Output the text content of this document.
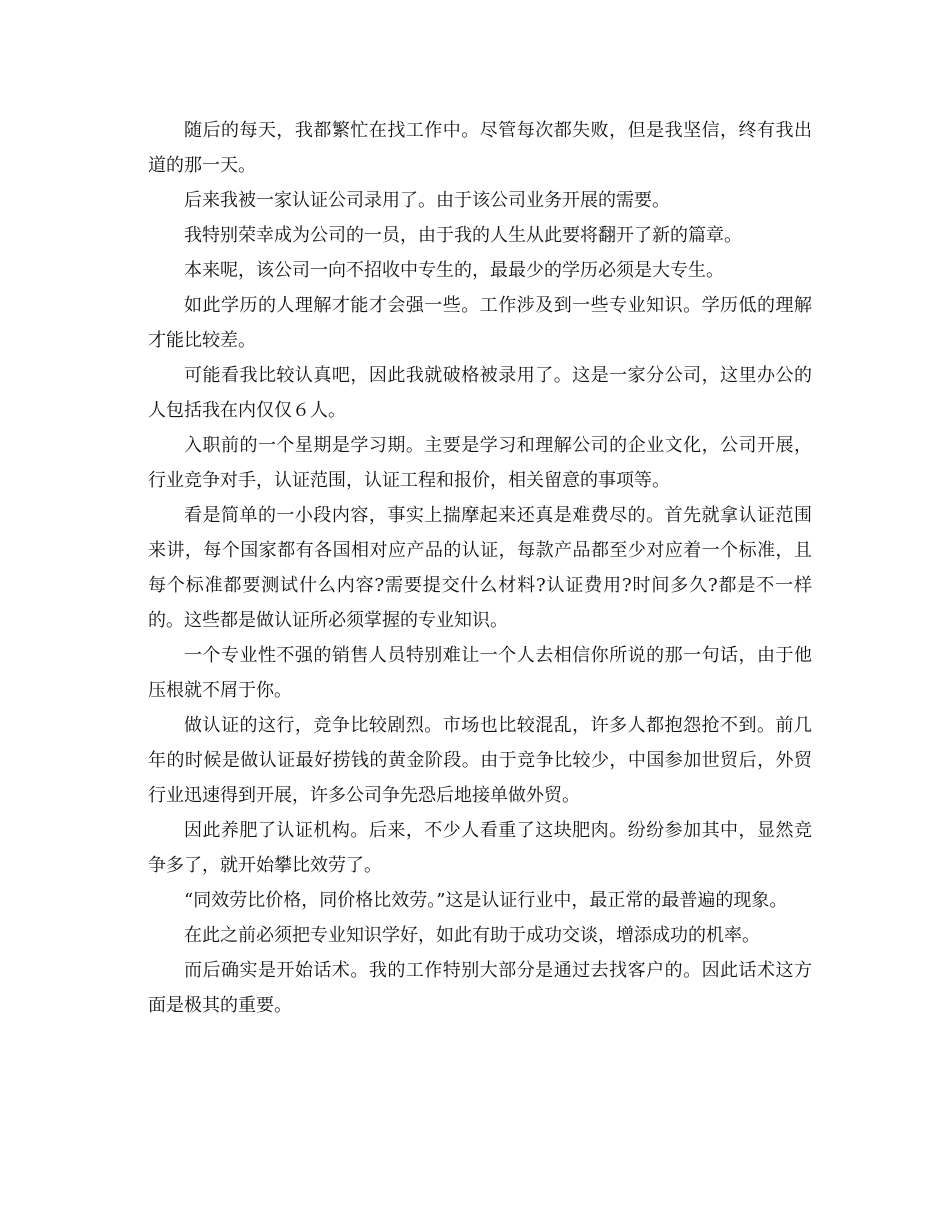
随后的每天，我都繁忙在找工作中。尽管每次都失败，但是我坚信，终有我出道的那一天。

后来我被一家认证公司录用了。由于该公司业务开展的需要。

我特别荣幸成为公司的一员，由于我的人生从此要将翻开了新的篇章。

本来呢，该公司一向不招收中专生的，最最少的学历必须是大专生。

如此学历的人理解才能才会强一些。工作涉及到一些专业知识。学历低的理解才能比较差。

可能看我比较认真吧，因此我就破格被录用了。这是一家分公司，这里办公的人包括我在内仅仅６人。

入职前的一个星期是学习期。主要是学习和理解公司的企业文化，公司开展，行业竞争对手，认证范围，认证工程和报价，相关留意的事项等。

看是简单的一小段内容，事实上揣摩起来还真是难费尽的。首先就拿认证范围来讲，每个国家都有各国相对应产品的认证，每款产品都至少对应着一个标准，且每个标准都要测试什么内容?需要提交什么材料?认证费用?时间多久?都是不一样的。这些都是做认证所必须掌握的专业知识。

一个专业性不强的销售人员特别难让一个人去相信你所说的那一句话，由于他压根就不屑于你。

做认证的这行，竞争比较剧烈。市场也比较混乱，许多人都抱怨抢不到。前几年的时候是做认证最好捞钱的黄金阶段。由于竞争比较少，中国参加世贸后，外贸行业迅速得到开展，许多公司争先恐后地接单做外贸。

因此养肥了认证机构。后来，不少人看重了这块肥肉。纷纷参加其中，显然竞争多了，就开始攀比效劳了。

“同效劳比价格，同价格比效劳。”这是认证行业中，最正常的最普遍的现象。

在此之前必须把专业知识学好，如此有助于成功交谈，增添成功的机率。

而后确实是开始话术。我的工作特别大部分是通过去找客户的。因此话术这方面是极其的重要。
